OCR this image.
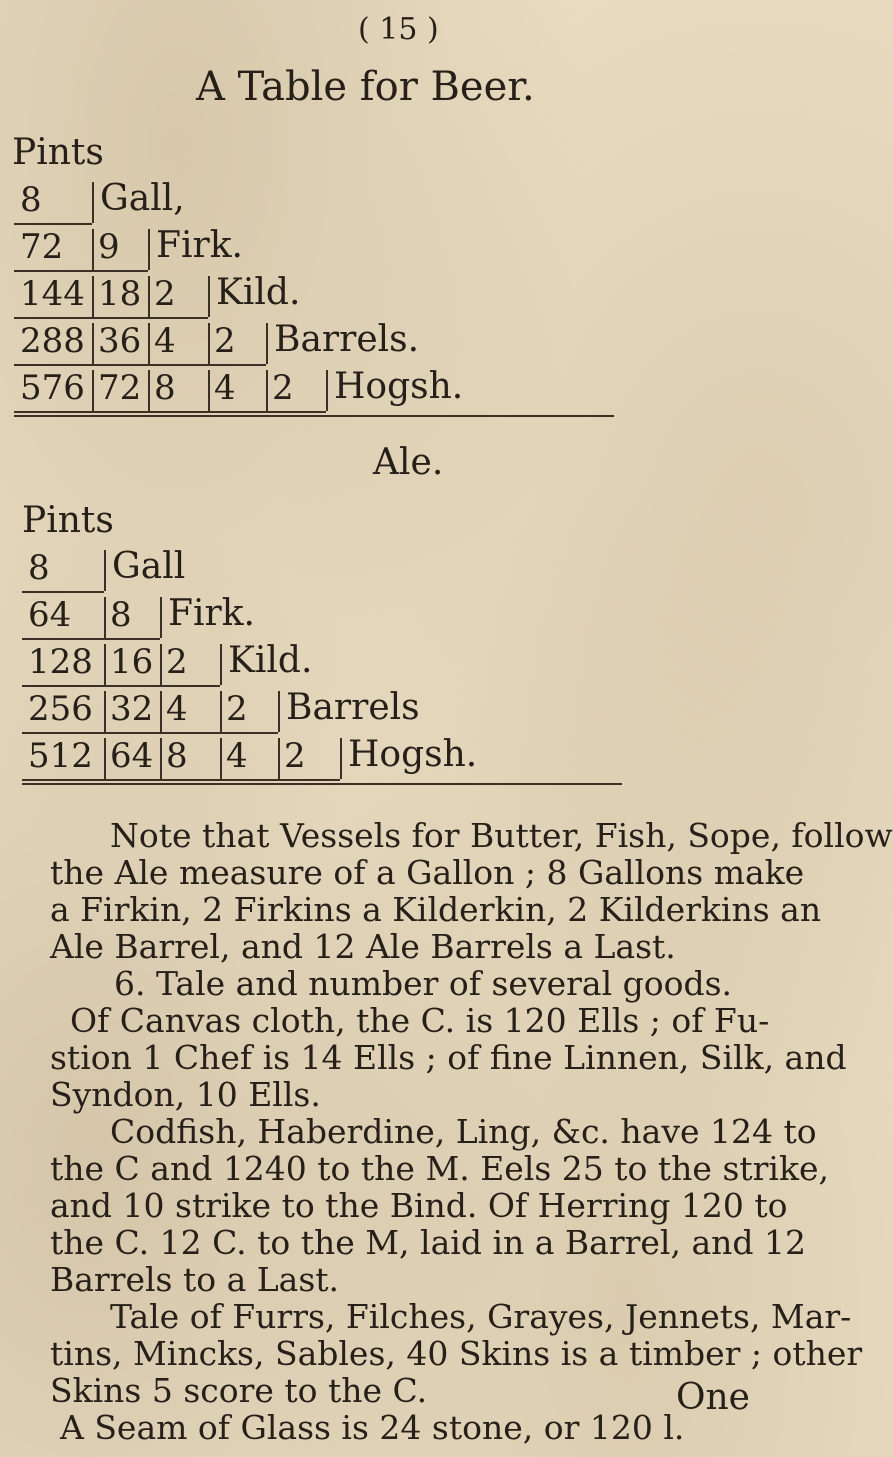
( 15 )
A Table for Beer.
Pints
8 Gall,
72 9 Firk.
144 18 2 Kild.
288 36 4 2 Barrels.
576 72 8 4 2 Hogsh.
Ale.
Pints
8 Gall
64 8 Firk.
128 16 2 Kild.
256 32 4 2 Barrels
512 64 8 4 2 Hogsh.

Note that Vessels for Butter, Fish, Sope, follow

the Ale measure of a Gallon ; 8 Gallons make

a Firkin, 2 Firkins a Kilderkin, 2 Kilderkins an

Ale Barrel, and 12 Ale Barrels a Last.

6. Tale and number of several goods.

Of Canvas cloth, the C. is 120 Ells ; of Fu-

stion 1 Chef is 14 Ells ; of fine Linnen, Silk, and

Syndon, 10 Ells.

Codfish, Haberdine, Ling, &c. have 124 to

the C and 1240 to the M. Eels 25 to the strike,

and 10 strike to the Bind. Of Herring 120 to

the C. 12 C. to the M, laid in a Barrel, and 12

Barrels to a Last.

Tale of Furrs, Filches, Grayes, Jennets, Mar-

tins, Mincks, Sables, 40 Skins is a timber ; other

Skins 5 score to the C.

A Seam of Glass is 24 stone, or 120 l.

One
